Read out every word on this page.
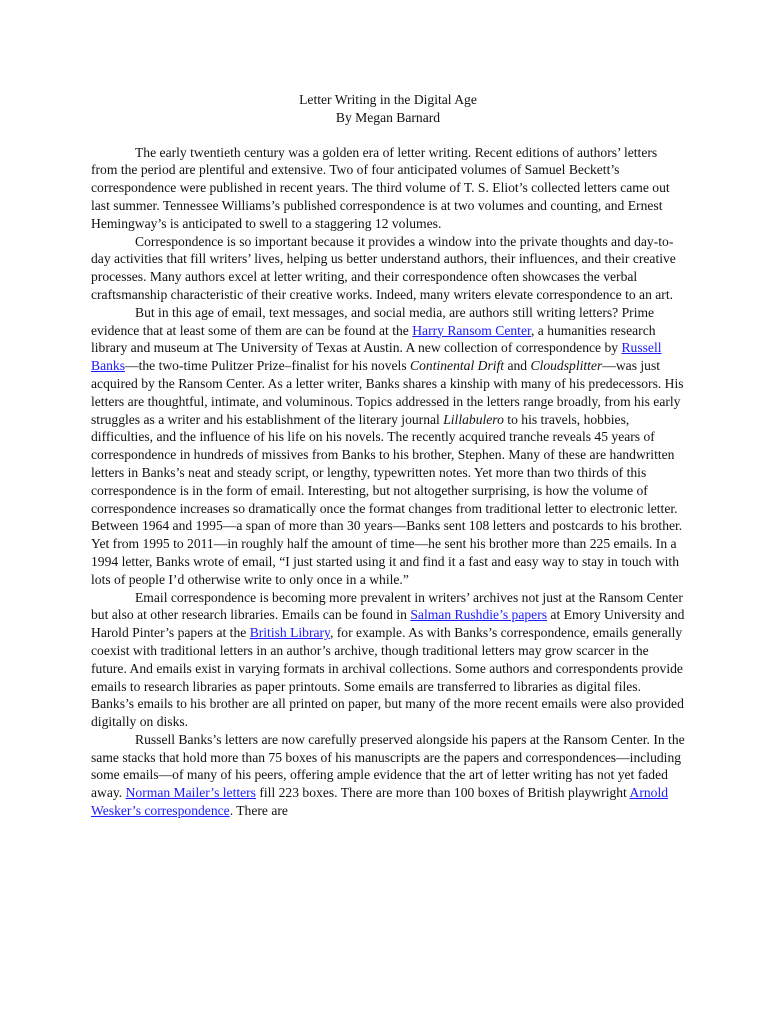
Letter Writing in the Digital Age

By Megan Barnard

The early twentieth century was a golden era of letter writing. Recent editions of authors’ letters from the period are plentiful and extensive. Two of four anticipated volumes of Samuel Beckett’s correspondence were published in recent years. The third volume of T. S. Eliot’s collected letters came out last summer. Tennessee Williams’s published correspondence is at two volumes and counting, and Ernest Hemingway’s is anticipated to swell to a staggering 12 volumes.

Correspondence is so important because it provides a window into the private thoughts and day-to-day activities that fill writers’ lives, helping us better understand authors, their influences, and their creative processes. Many authors excel at letter writing, and their correspondence often showcases the verbal craftsmanship characteristic of their creative works. Indeed, many writers elevate correspondence to an art.

But in this age of email, text messages, and social media, are authors still writing letters? Prime evidence that at least some of them are can be found at the Harry Ransom Center, a humanities research library and museum at The University of Texas at Austin. A new collection of correspondence by Russell Banks—the two-time Pulitzer Prize–finalist for his novels Continental Drift and Cloudsplitter—was just acquired by the Ransom Center. As a letter writer, Banks shares a kinship with many of his predecessors. His letters are thoughtful, intimate, and voluminous. Topics addressed in the letters range broadly, from his early struggles as a writer and his establishment of the literary journal Lillabulero to his travels, hobbies, difficulties, and the influence of his life on his novels. The recently acquired tranche reveals 45 years of correspondence in hundreds of missives from Banks to his brother, Stephen. Many of these are handwritten letters in Banks’s neat and steady script, or lengthy, typewritten notes. Yet more than two thirds of this correspondence is in the form of email. Interesting, but not altogether surprising, is how the volume of correspondence increases so dramatically once the format changes from traditional letter to electronic letter. Between 1964 and 1995—a span of more than 30 years—Banks sent 108 letters and postcards to his brother. Yet from 1995 to 2011—in roughly half the amount of time—he sent his brother more than 225 emails. In a 1994 letter, Banks wrote of email, “I just started using it and find it a fast and easy way to stay in touch with lots of people I’d otherwise write to only once in a while.”

Email correspondence is becoming more prevalent in writers’ archives not just at the Ransom Center but also at other research libraries. Emails can be found in Salman Rushdie’s papers at Emory University and Harold Pinter’s papers at the British Library, for example. As with Banks’s correspondence, emails generally coexist with traditional letters in an author’s archive, though traditional letters may grow scarcer in the future. And emails exist in varying formats in archival collections. Some authors and correspondents provide emails to research libraries as paper printouts. Some emails are transferred to libraries as digital files. Banks’s emails to his brother are all printed on paper, but many of the more recent emails were also provided digitally on disks.

Russell Banks’s letters are now carefully preserved alongside his papers at the Ransom Center. In the same stacks that hold more than 75 boxes of his manuscripts are the papers and correspondences—including some emails—of many of his peers, offering ample evidence that the art of letter writing has not yet faded away. Norman Mailer’s letters fill 223 boxes. There are more than 100 boxes of British playwright Arnold Wesker’s correspondence. There are
